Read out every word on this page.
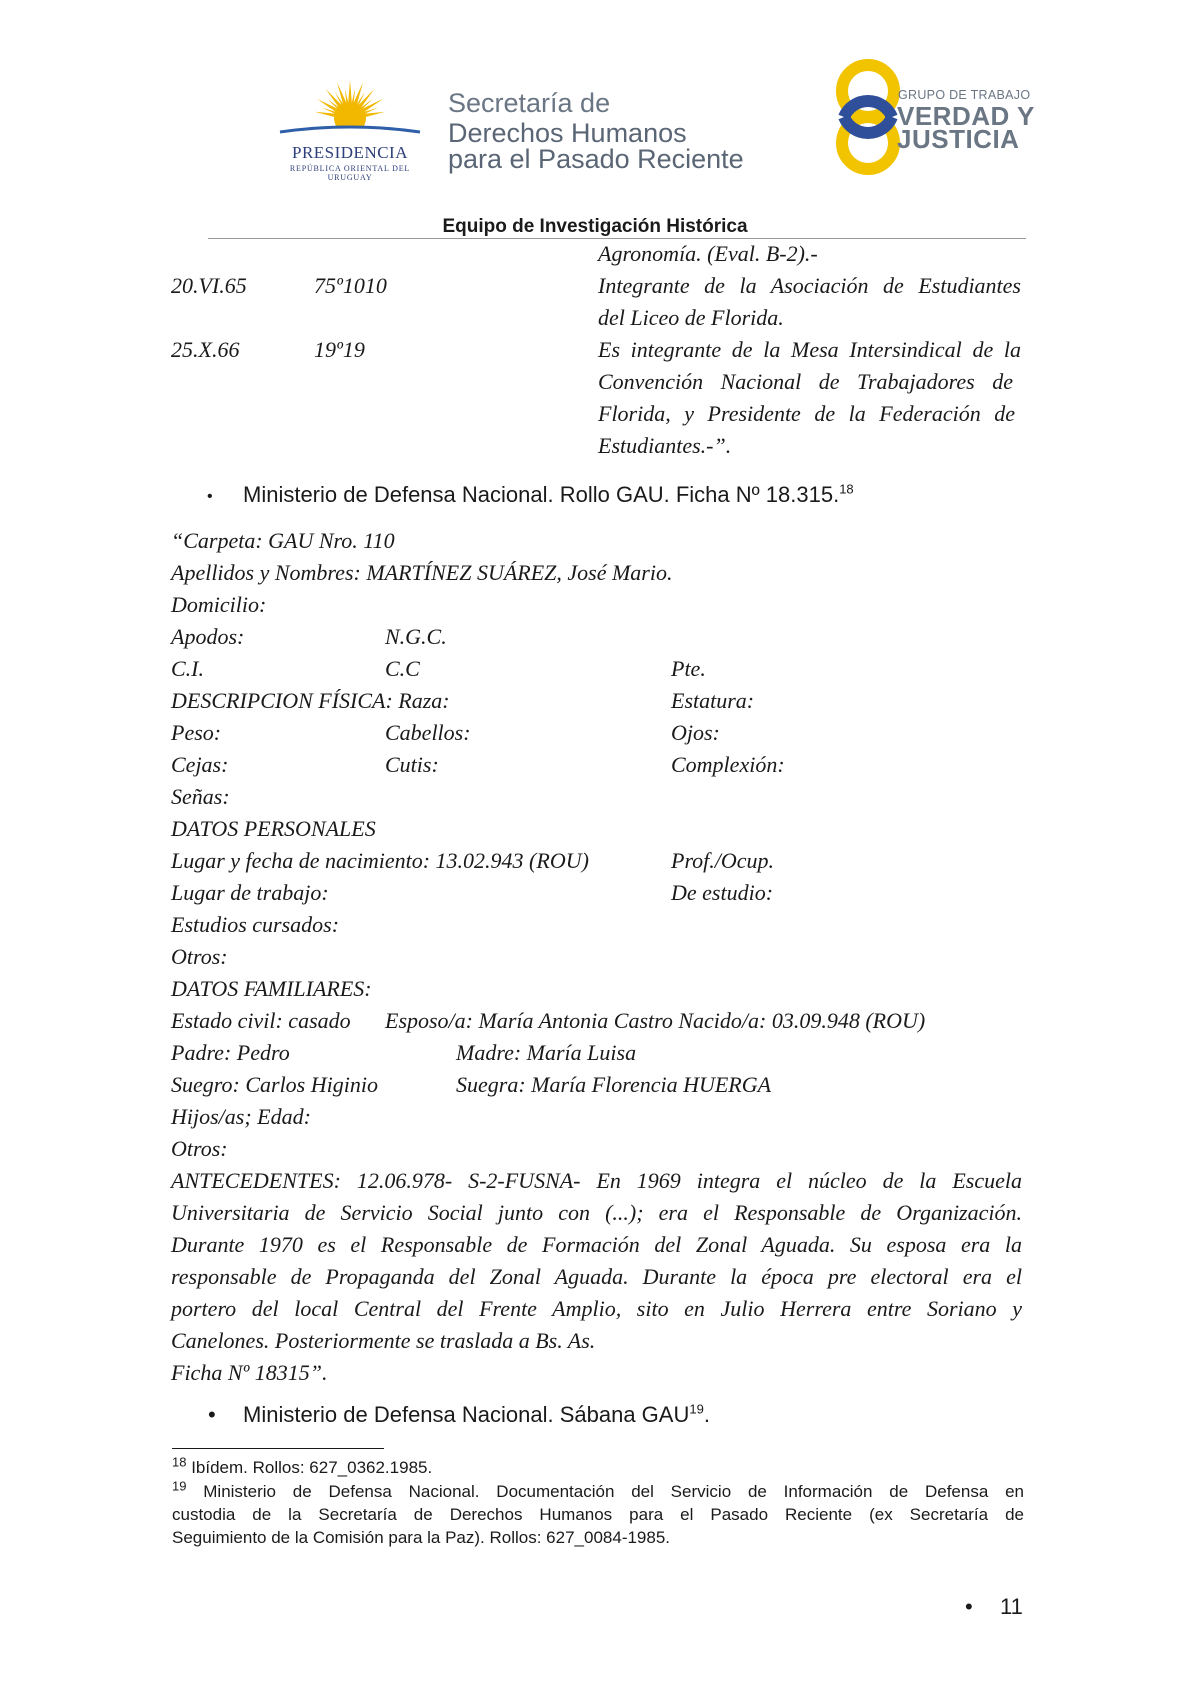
PRESIDENCIA
REPÚBLICA ORIENTAL DEL URUGUAY
Secretaría de
Derechos Humanos
para el Pasado Reciente
GRUPO DE TRABAJO
VERDAD Y
JUSTICIA
Equipo de Investigación Histórica
Agronomía. (Eval. B-2).-
20.VI.65	75º1010	Integrante de la Asociación de Estudiantes
del Liceo de Florida.
25.X.66	19º19	Es integrante de la Mesa Intersindical de la
Convención Nacional de Trabajadores de
Florida, y Presidente de la Federación de
Estudiantes.-”.
• Ministerio de Defensa Nacional. Rollo GAU. Ficha Nº 18.315.18
“Carpeta: GAU Nro. 110
Apellidos y Nombres: MARTÍNEZ SUÁREZ, José Mario.
Domicilio:
Apodos:	N.G.C.
C.I.	C.C	Pte.
DESCRIPCION FÍSICA: Raza:	Estatura:
Peso:	Cabellos:	Ojos:
Cejas:	Cutis:	Complexión:
Señas:
DATOS PERSONALES
Lugar y fecha de nacimiento: 13.02.943 (ROU)	Prof./Ocup.
Lugar de trabajo:	De estudio:
Estudios cursados:
Otros:
DATOS FAMILIARES:
Estado civil: casado Esposo/a: María Antonia Castro Nacido/a: 03.09.948 (ROU)
Padre: Pedro	Madre: María Luisa
Suegro: Carlos Higinio	Suegra: María Florencia HUERGA
Hijos/as; Edad:
Otros:
ANTECEDENTES: 12.06.978- S-2-FUSNA- En 1969 integra el núcleo de la Escuela
Universitaria de Servicio Social junto con (...); era el Responsable de Organización.
Durante 1970 es el Responsable de Formación del Zonal Aguada. Su esposa era la
responsable de Propaganda del Zonal Aguada. Durante la época pre electoral era el
portero del local Central del Frente Amplio, sito en Julio Herrera entre Soriano y
Canelones. Posteriormente se traslada a Bs. As.
Ficha Nº 18315”.
• Ministerio de Defensa Nacional. Sábana GAU$^{19}$.
$^{18}$ Ibídem. Rollos: 627_0362.1985.
$^{19}$ Ministerio de Defensa Nacional. Documentación del Servicio de Información de Defensa en
custodia de la Secretaría de Derechos Humanos para el Pasado Reciente (ex Secretaría de
Seguimiento de la Comisión para la Paz). Rollos: 627_0084-1985.
• 11
